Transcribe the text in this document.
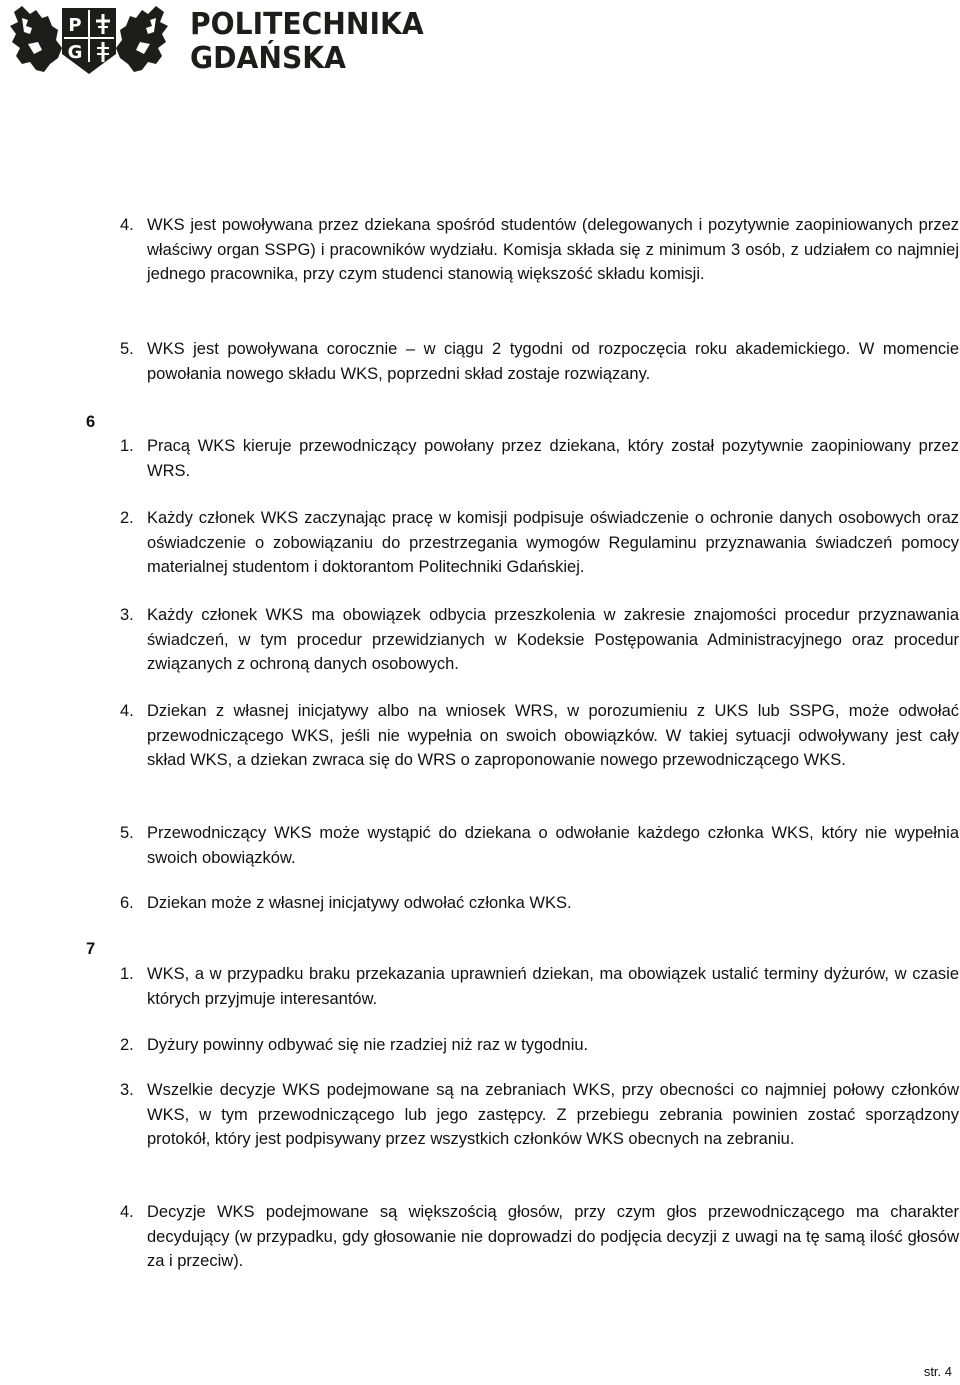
P
G
POLITECHNIKA
GDAŃSKA
4. WKS jest powoływana przez dziekana spośród studentów (delegowanych i pozytywnie zaopiniowanych przez właściwy organ SSPG) i pracowników wydziału. Komisja składa się z minimum 3 osób, z udziałem co najmniej jednego pracownika, przy czym studenci stanowią większość składu komisji.
5. WKS jest powoływana corocznie – w ciągu 2 tygodni od rozpoczęcia roku akademickiego. W momencie powołania nowego składu WKS, poprzedni skład zostaje rozwiązany.
6
1. Pracą WKS kieruje przewodniczący powołany przez dziekana, który został pozytywnie zaopiniowany przez WRS.
2. Każdy członek WKS zaczynając pracę w komisji podpisuje oświadczenie o ochronie danych osobowych oraz oświadczenie o zobowiązaniu do przestrzegania wymogów Regulaminu przyznawania świadczeń pomocy materialnej studentom i doktorantom Politechniki Gdańskiej.
3. Każdy członek WKS ma obowiązek odbycia przeszkolenia w zakresie znajomości procedur przyznawania świadczeń, w tym procedur przewidzianych w Kodeksie Postępowania Administracyjnego oraz procedur związanych z ochroną danych osobowych.
4. Dziekan z własnej inicjatywy albo na wniosek WRS, w porozumieniu z UKS lub SSPG, może odwołać przewodniczącego WKS, jeśli nie wypełnia on swoich obowiązków. W takiej sytuacji odwoływany jest cały skład WKS, a dziekan zwraca się do WRS o zaproponowanie nowego przewodniczącego WKS.
5. Przewodniczący WKS może wystąpić do dziekana o odwołanie każdego członka WKS, który nie wypełnia swoich obowiązków.
6. Dziekan może z własnej inicjatywy odwołać członka WKS.
7
1. WKS, a w przypadku braku przekazania uprawnień dziekan, ma obowiązek ustalić terminy dyżurów, w czasie których przyjmuje interesantów.
2. Dyżury powinny odbywać się nie rzadziej niż raz w tygodniu.
3. Wszelkie decyzje WKS podejmowane są na zebraniach WKS, przy obecności co najmniej połowy członków WKS, w tym przewodniczącego lub jego zastępcy. Z przebiegu zebrania powinien zostać sporządzony protokół, który jest podpisywany przez wszystkich członków WKS obecnych na zebraniu.
4. Decyzje WKS podejmowane są większością głosów, przy czym głos przewodniczącego ma charakter decydujący (w przypadku, gdy głosowanie nie doprowadzi do podjęcia decyzji z uwagi na tę samą ilość głosów za i przeciw).
str. 4
